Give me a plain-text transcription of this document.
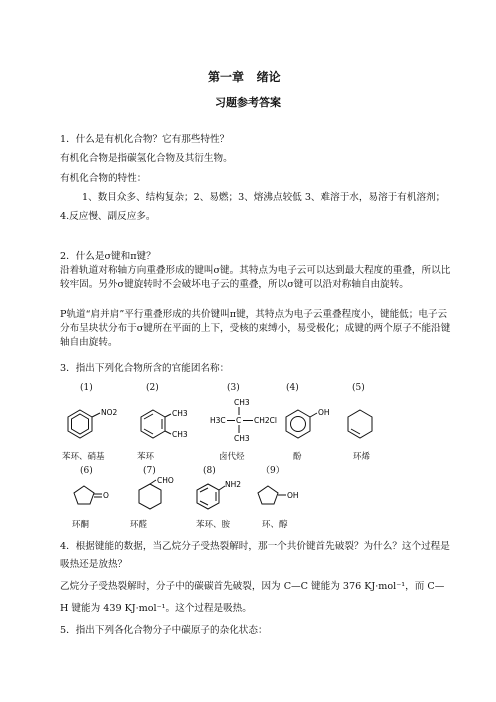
第一章 绪论
习题参考答案
1．什么是有机化合物？它有那些特性？
有机化合物是指碳氢化合物及其衍生物。
有机化合物的特性：
1、数目众多、结构复杂；2、易燃；3、熔沸点较低 3、难溶于水，易溶于有机溶剂；
4.反应慢、副反应多。
2．什么是σ键和π键？
沿着轨道对称轴方向重叠形成的键叫σ键。其特点为电子云可以达到最大程度的重叠，所以比较牢固。另外σ键旋转时不会破坏电子云的重叠，所以σ键可以沿对称轴自由旋转。
P轨道“肩并肩”平行重叠形成的共价键叫π键，其特点为电子云重叠程度小，键能低；电子云分布呈块状分布于σ键所在平面的上下，受核的束缚小，易受极化；成键的两个原子不能沿键轴自由旋转。
3．指出下列化合物所含的官能团名称：
(1)	(2)	(3)	(4)	(5)
NO2	CH3
CH3
CH3
H3C C CH2Cl
CH3
OH
苯环、硝基	苯环	卤代烃	酚	环烯
(6)	(7)	(8)	（9）
O
CHO	NH2
OH
环酮	环醛	苯环、胺	环、醇
4．根据键能的数据，当乙烷分子受热裂解时，那一个共价键首先破裂？为什么？这个过程是吸热还是放热？
乙烷分子受热裂解时，分子中的碳碳首先破裂，因为 C—C 键能为 376 KJ·mol⁻¹，而 C—H 键能为 439 KJ·mol⁻¹。这个过程是吸热。
5．指出下列各化合物分子中碳原子的杂化状态：
